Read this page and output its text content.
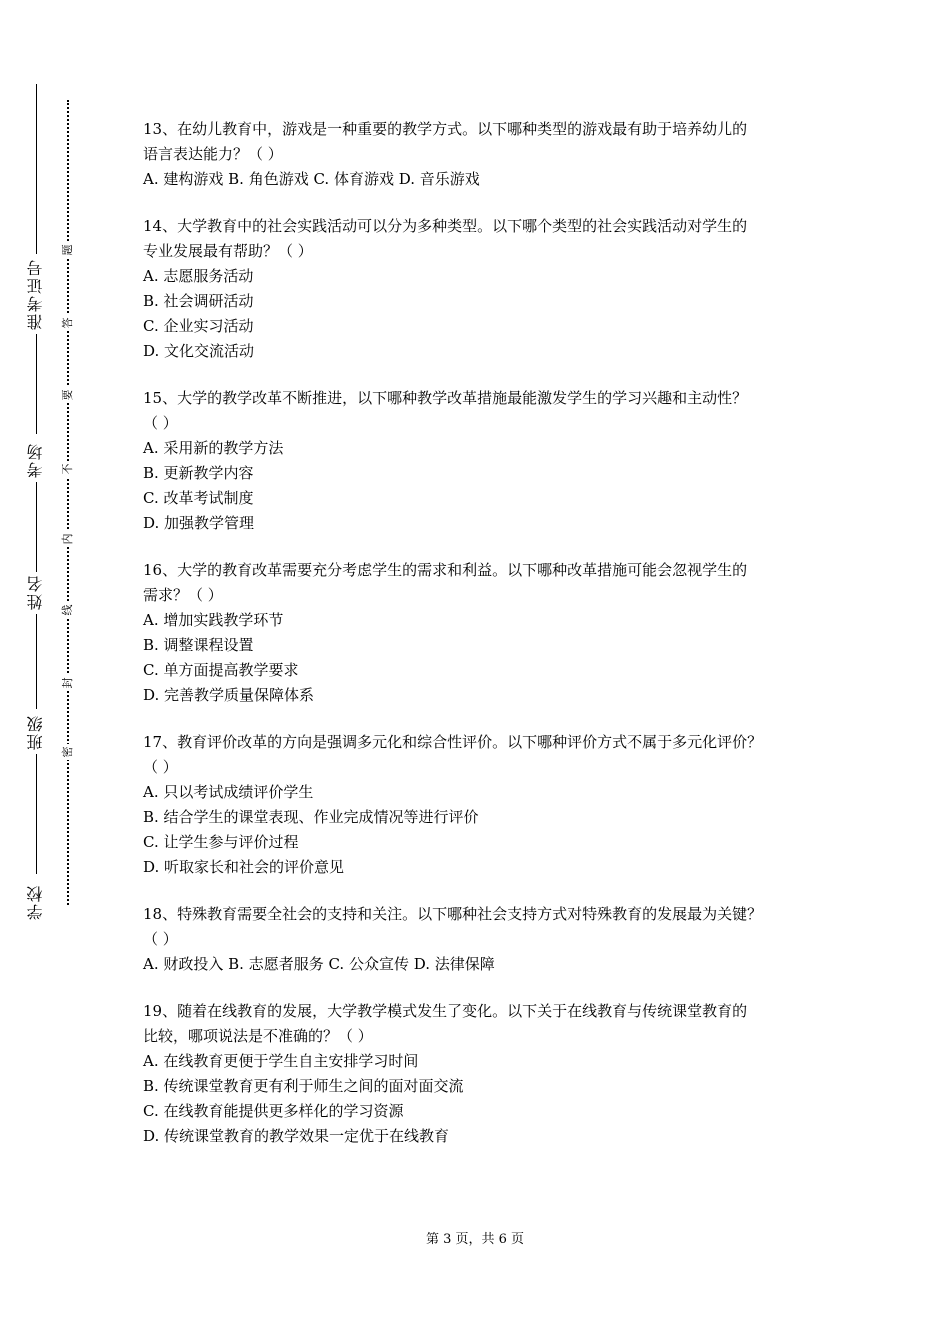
准考证号
考场
姓名
班级
学校
题
答
要
不
内
线
封
密
13、在幼儿教育中，游戏是一种重要的教学方式。以下哪种类型的游戏最有助于培养幼儿的
语言表达能力？（ ）
A. 建构游戏 B. 角色游戏 C. 体育游戏 D. 音乐游戏
14、大学教育中的社会实践活动可以分为多种类型。以下哪个类型的社会实践活动对学生的
专业发展最有帮助？（ ）
A. 志愿服务活动
B. 社会调研活动
C. 企业实习活动
D. 文化交流活动
15、大学的教学改革不断推进，以下哪种教学改革措施最能激发学生的学习兴趣和主动性？
（ ）
A. 采用新的教学方法
B. 更新教学内容
C. 改革考试制度
D. 加强教学管理
16、大学的教育改革需要充分考虑学生的需求和利益。以下哪种改革措施可能会忽视学生的
需求？（ ）
A. 增加实践教学环节
B. 调整课程设置
C. 单方面提高教学要求
D. 完善教学质量保障体系
17、教育评价改革的方向是强调多元化和综合性评价。以下哪种评价方式不属于多元化评价？
（ ）
A. 只以考试成绩评价学生
B. 结合学生的课堂表现、作业完成情况等进行评价
C. 让学生参与评价过程
D. 听取家长和社会的评价意见
18、特殊教育需要全社会的支持和关注。以下哪种社会支持方式对特殊教育的发展最为关键？
（ ）
A. 财政投入 B. 志愿者服务 C. 公众宣传 D. 法律保障
19、随着在线教育的发展，大学教学模式发生了变化。以下关于在线教育与传统课堂教育的
比较，哪项说法是不准确的？（ ）
A. 在线教育更便于学生自主安排学习时间
B. 传统课堂教育更有利于师生之间的面对面交流
C. 在线教育能提供更多样化的学习资源
D. 传统课堂教育的教学效果一定优于在线教育
第 3 页，共 6 页
